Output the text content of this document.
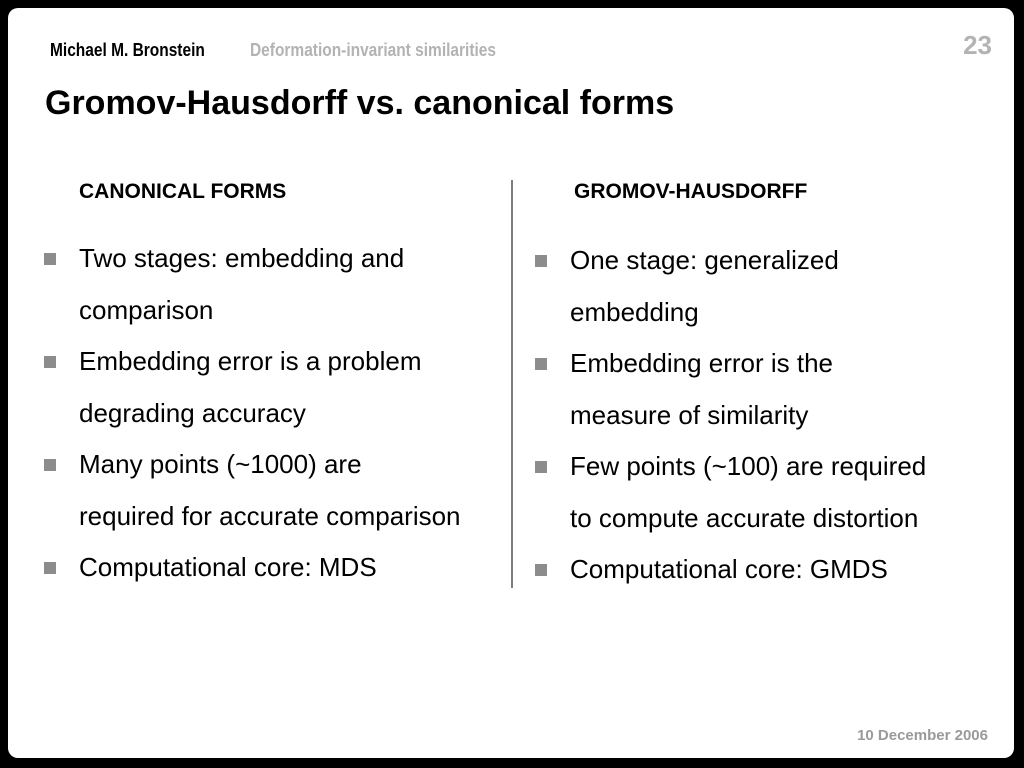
Michael M. Bronstein	Deformation-invariant similarities	23
Gromov-Hausdorff vs. canonical forms
CANONICAL FORMS	GROMOV-HAUSDORFF
Two stages: embedding and
comparison
Embedding error is a problem
degrading accuracy
Many points (~1000) are
required for accurate comparison
Computational core: MDS
One stage: generalized
embedding
Embedding error is the
measure of similarity
Few points (~100) are required
to compute accurate distortion
Computational core: GMDS
10 December 2006
